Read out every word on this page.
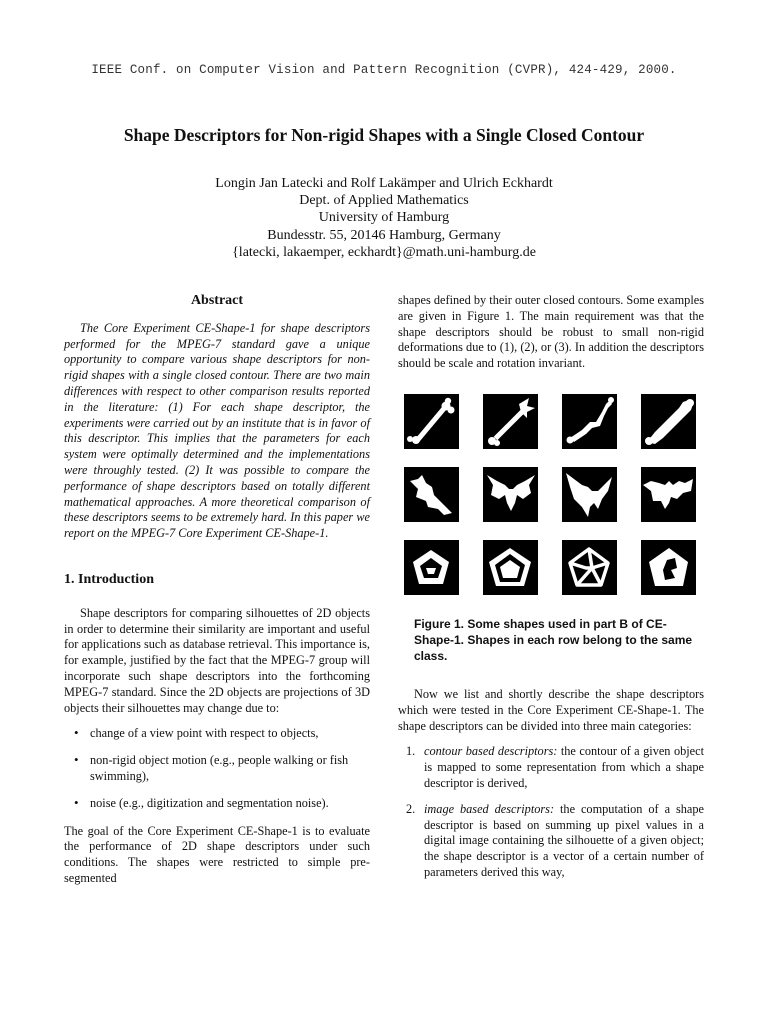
IEEE Conf. on Computer Vision and Pattern Recognition (CVPR), 424-429, 2000.
Shape Descriptors for Non-rigid Shapes with a Single Closed Contour
Longin Jan Latecki and Rolf Lakämper and Ulrich Eckhardt
Dept. of Applied Mathematics
University of Hamburg
Bundesstr. 55, 20146 Hamburg, Germany
{latecki, lakaemper, eckhardt}@math.uni-hamburg.de
Abstract

The Core Experiment CE-Shape-1 for shape descriptors performed for the MPEG-7 standard gave a unique opportunity to compare various shape descriptors for non-rigid shapes with a single closed contour. There are two main differences with respect to other comparison results reported in the literature: (1) For each shape descriptor, the experiments were carried out by an institute that is in favor of this descriptor. This implies that the parameters for each system were optimally determined and the implementations were throughly tested. (2) It was possible to compare the performance of shape descriptors based on totally different mathematical approaches. A more theoretical comparison of these descriptors seems to be extremely hard. In this paper we report on the MPEG-7 Core Experiment CE-Shape-1.

1. Introduction

Shape descriptors for comparing silhouettes of 2D objects in order to determine their similarity are important and useful for applications such as database retrieval. This importance is, for example, justified by the fact that the MPEG-7 group will incorporate such shape descriptors into the forthcoming MPEG-7 standard. Since the 2D objects are projections of 3D objects their silhouettes may change due to:

• change of a view point with respect to objects,
• non-rigid object motion (e.g., people walking or fish swimming),
• noise (e.g., digitization and segmentation noise).

The goal of the Core Experiment CE-Shape-1 is to evaluate the performance of 2D shape descriptors under such conditions. The shapes were restricted to simple pre-segmented

shapes defined by their outer closed contours. Some examples are given in Figure 1. The main requirement was that the shape descriptors should be robust to small non-rigid deformations due to (1), (2), or (3). In addition the descriptors should be scale and rotation invariant.

Figure 1. Some shapes used in part B of CE-Shape-1. Shapes in each row belong to the same class.

Now we list and shortly describe the shape descriptors which were tested in the Core Experiment CE-Shape-1. The shape descriptors can be divided into three main categories:

1. contour based descriptors: the contour of a given object is mapped to some representation from which a shape descriptor is derived,
2. image based descriptors: the computation of a shape descriptor is based on summing up pixel values in a digital image containing the silhouette of a given object; the shape descriptor is a vector of a certain number of parameters derived this way,
